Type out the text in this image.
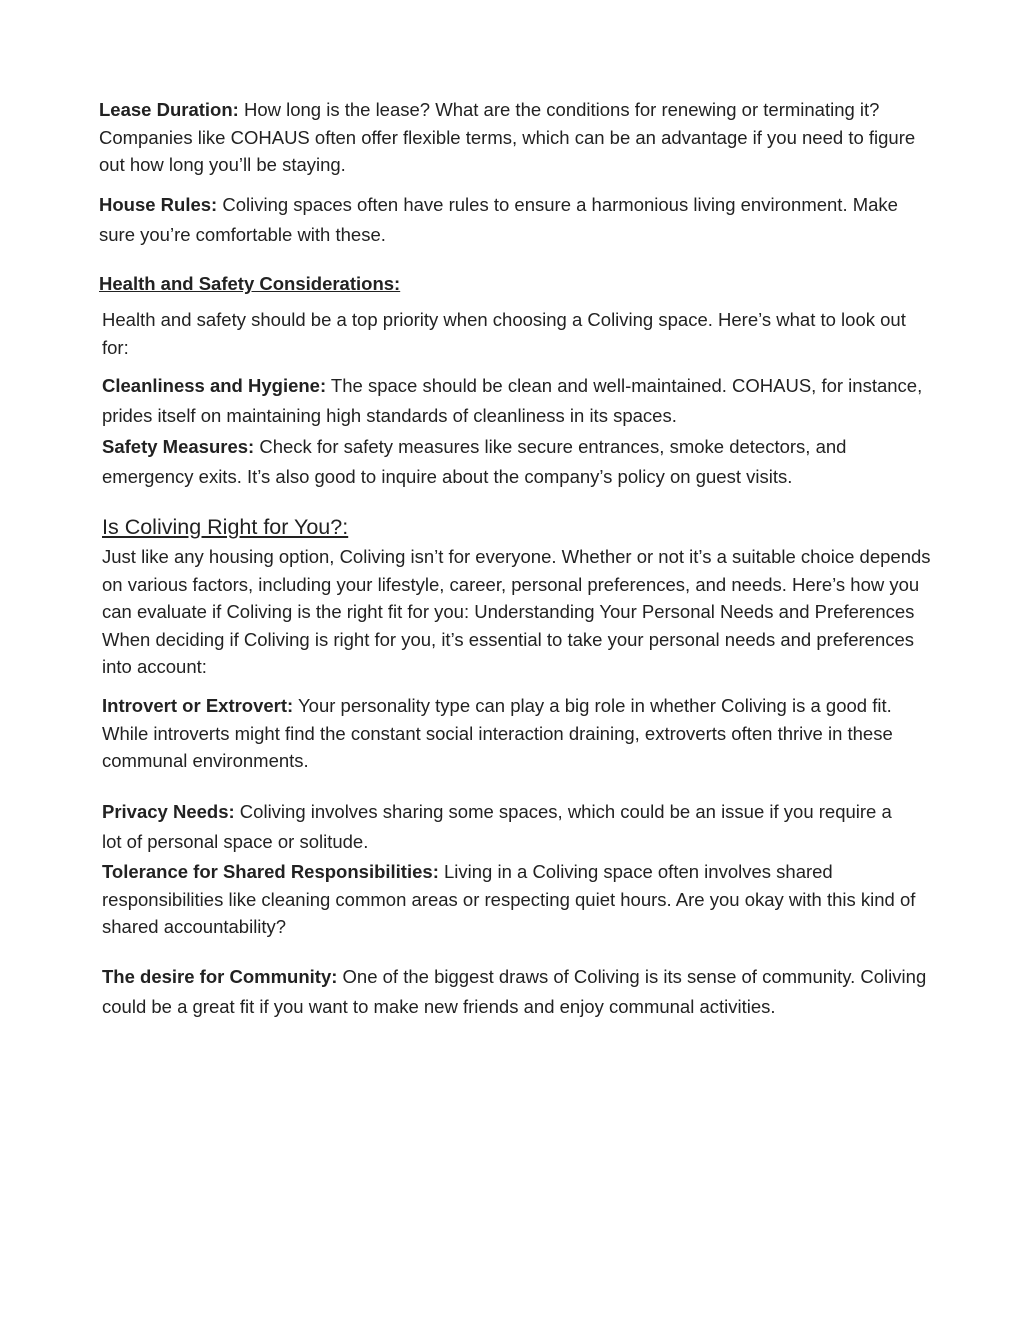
Lease Duration: How long is the lease? What are the conditions for renewing or terminating it? Companies like COHAUS often offer flexible terms, which can be an advantage if you need to figure out how long you’ll be staying.

House Rules: Coliving spaces often have rules to ensure a harmonious living environment. Make sure you’re comfortable with these.

Health and Safety Considerations:

Health and safety should be a top priority when choosing a Coliving space. Here’s what to look out for:

Cleanliness and Hygiene: The space should be clean and well-maintained. COHAUS, for instance, prides itself on maintaining high standards of cleanliness in its spaces.

Safety Measures: Check for safety measures like secure entrances, smoke detectors, and emergency exits. It’s also good to inquire about the company’s policy on guest visits.

Is Coliving Right for You?:

Just like any housing option, Coliving isn’t for everyone. Whether or not it’s a suitable choice depends on various factors, including your lifestyle, career, personal preferences, and needs. Here’s how you can evaluate if Coliving is the right fit for you: Understanding Your Personal Needs and Preferences When deciding if Coliving is right for you, it’s essential to take your personal needs and preferences into account:

Introvert or Extrovert: Your personality type can play a big role in whether Coliving is a good fit. While introverts might find the constant social interaction draining, extroverts often thrive in these communal environments.

Privacy Needs: Coliving involves sharing some spaces, which could be an issue if you require a lot of personal space or solitude.

Tolerance for Shared Responsibilities: Living in a Coliving space often involves shared responsibilities like cleaning common areas or respecting quiet hours. Are you okay with this kind of shared accountability?

The desire for Community: One of the biggest draws of Coliving is its sense of community. Coliving could be a great fit if you want to make new friends and enjoy communal activities.
